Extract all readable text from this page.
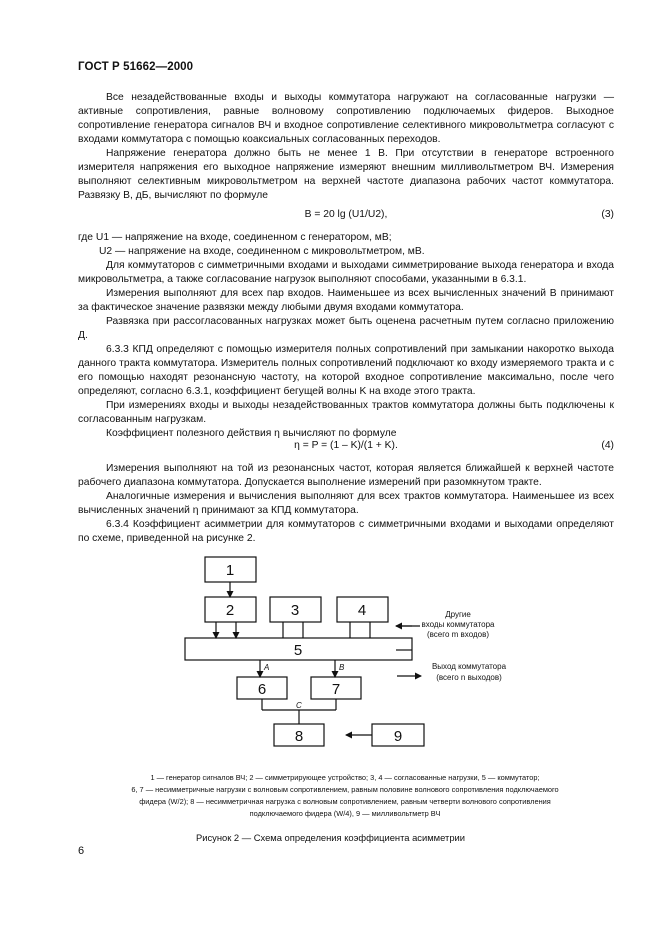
ГОСТ Р 51662—2000

Все незадействованные входы и выходы коммутатора нагружают на согласованные нагрузки — активные сопротивления, равные волновому сопротивлению подключаемых фидеров. Выходное сопротивление генератора сигналов ВЧ и входное сопротивление селективного микровольтметра согласуют с входами коммутатора с помощью коаксиальных согласованных переходов.

Напряжение генератора должно быть не менее 1 В. При отсутствии в генераторе встроенного измерителя напряжения его выходное напряжение измеряют внешним милливольтметром ВЧ. Измерения выполняют селективным микровольтметром на верхней частоте диапазона рабочих частот коммутатора. Развязку B, дБ, вычисляют по формуле

B = 20 lg (U1/U2),	(3)

где U1 — напряжение на входе, соединенном с генератором, мВ;

U2 — напряжение на входе, соединенном с микровольтметром, мВ.

Для коммутаторов с симметричными входами и выходами симметрирование выхода генератора и входа микровольтметра, а также согласование нагрузок выполняют способами, указанными в 6.3.1.

Измерения выполняют для всех пар входов. Наименьшее из всех вычисленных значений B принимают за фактическое значение развязки между любыми двумя входами коммутатора.

Развязка при рассогласованных нагрузках может быть оценена расчетным путем согласно приложению Д.

6.3.3 КПД определяют с помощью измерителя полных сопротивлений при замыкании накоротко выхода данного тракта коммутатора. Измеритель полных сопротивлений подключают ко входу измеряемого тракта и с его помощью находят резонансную частоту, на которой входное сопротивление максимально, после чего определяют, согласно 6.3.1, коэффициент бегущей волны K на входе этого тракта.

При измерениях входы и выходы незадействованных трактов коммутатора должны быть подключены к согласованным нагрузкам.

Коэффициент полезного действия η вычисляют по формуле

η = P = (1 – K)/(1 + K).	(4)

Измерения выполняют на той из резонансных частот, которая является ближайшей к верхней частоте рабочего диапазона коммутатора. Допускается выполнение измерений при разомкнутом тракте.

Аналогичные измерения и вычисления выполняют для всех трактов коммутатора. Наименьшее из всех вычисленных значений η принимают за КПД коммутатора.

6.3.4 Коэффициент асимметрии для коммутаторов с симметричными входами и выходами определяют по схеме, приведенной на рисунке 2.

1
2	3	4
5
6	7
8	9
A	B
C
Другие
входы коммутатора
(всего m входов)
Выход коммутатора
(всего n выходов)
1 — генератор сигналов ВЧ; 2 — симметрирующее устройство; 3, 4 — согласованные нагрузки, 5 — коммутатор;
6, 7 — несимметричные нагрузки с волновым сопротивлением, равным половине волнового сопротивления подключаемого
фидера (W/2); 8 — несимметричная нагрузка с волновым сопротивлением, равным четверти волнового сопротивления
подключаемого фидера (W/4), 9 — милливольтметр ВЧ
Рисунок 2 — Схема определения коэффициента асимметрии
6
